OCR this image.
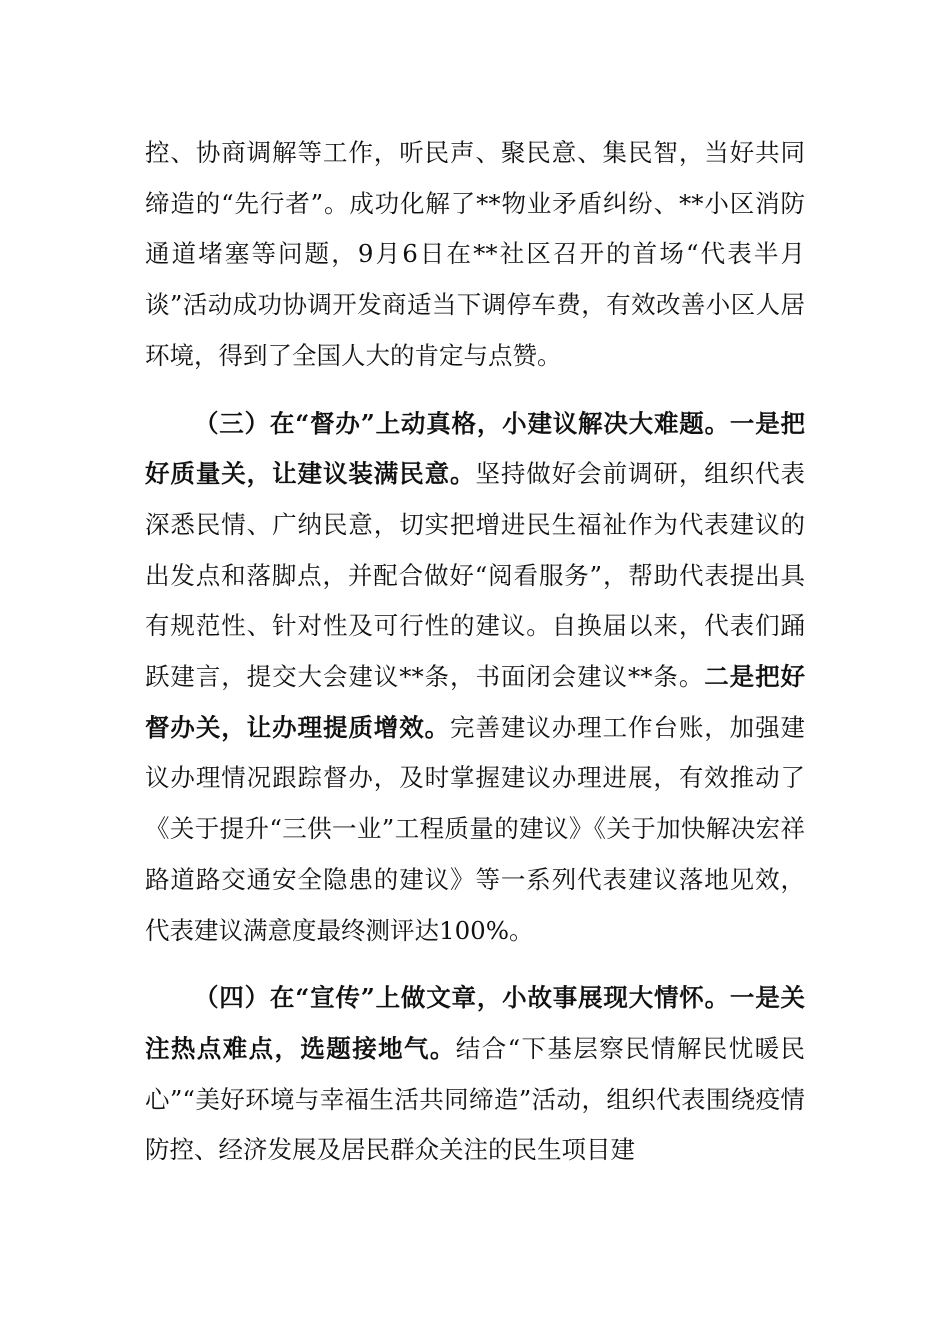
控、协商调解等工作，听民声、聚民意、集民智，当好共同缔造的“先行者”。成功化解了**物业矛盾纠纷、**小区消防通道堵塞等问题，9月6日在**社区召开的首场“代表半月谈”活动成功协调开发商适当下调停车费，有效改善小区人居环境，得到了全国人大的肯定与点赞。

（三）在“督办”上动真格，小建议解决大难题。一是把好质量关，让建议装满民意。坚持做好会前调研，组织代表深悉民情、广纳民意，切实把增进民生福祉作为代表建议的出发点和落脚点，并配合做好“阅看服务”，帮助代表提出具有规范性、针对性及可行性的建议。自换届以来，代表们踊跃建言，提交大会建议**条，书面闭会建议**条。二是把好督办关，让办理提质增效。完善建议办理工作台账，加强建议办理情况跟踪督办，及时掌握建议办理进展，有效推动了《关于提升“三供一业”工程质量的建议》《关于加快解决宏祥路道路交通安全隐患的建议》等一系列代表建议落地见效，代表建议满意度最终测评达100%。

（四）在“宣传”上做文章，小故事展现大情怀。一是关注热点难点，选题接地气。结合“下基层察民情解民忧暖民心”“美好环境与幸福生活共同缔造”活动，组织代表围绕疫情防控、经济发展及居民群众关注的民生项目建
